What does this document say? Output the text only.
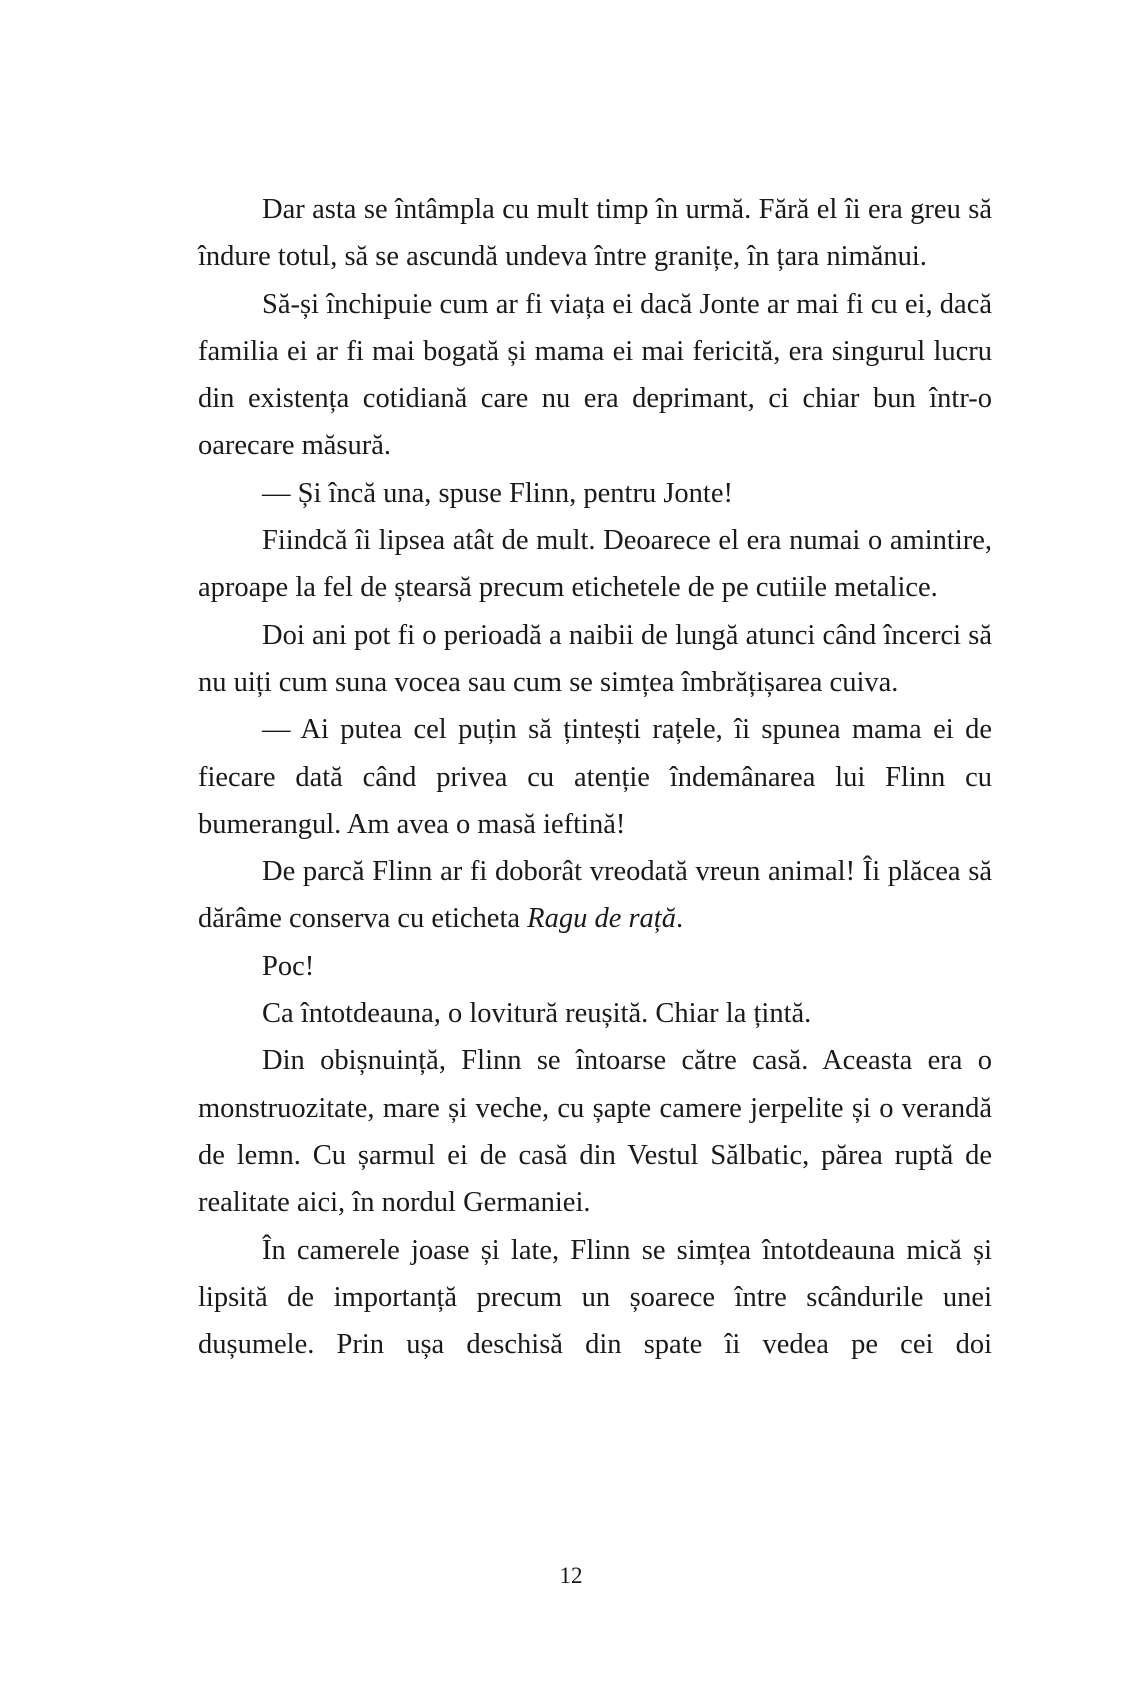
Dar asta se întâmpla cu mult timp în urmă. Fără el îi era greu să îndure totul, să se ascundă undeva între granițe, în țara nimănui.

Să-și închipuie cum ar fi viața ei dacă Jonte ar mai fi cu ei, dacă familia ei ar fi mai bogată și mama ei mai fericită, era singurul lucru din existența cotidiană care nu era deprimant, ci chiar bun într-o oarecare măsură.

— Și încă una, spuse Flinn, pentru Jonte!

Fiindcă îi lipsea atât de mult. Deoarece el era numai o amintire, aproape la fel de ștearsă precum etichetele de pe cutiile metalice.

Doi ani pot fi o perioadă a naibii de lungă atunci când încerci să nu uiți cum suna vocea sau cum se simțea îmbrățișarea cuiva.

— Ai putea cel puțin să țintești rațele, îi spunea mama ei de fiecare dată când privea cu atenție îndemânarea lui Flinn cu bumerangul. Am avea o masă ieftină!

De parcă Flinn ar fi doborât vreodată vreun animal! Îi plăcea să dărâme conserva cu eticheta Ragu de rață.

Poc!

Ca întotdeauna, o lovitură reușită. Chiar la țintă.

Din obișnuință, Flinn se întoarse către casă. Aceasta era o monstruozitate, mare și veche, cu șapte camere jerpelite și o verandă de lemn. Cu șarmul ei de casă din Vestul Sălbatic, părea ruptă de realitate aici, în nordul Germaniei.

În camerele joase și late, Flinn se simțea întotdeauna mică și lipsită de importanță precum un șoarece între scândurile unei dușumele. Prin ușa deschisă din spate îi vedea pe cei doi

12
